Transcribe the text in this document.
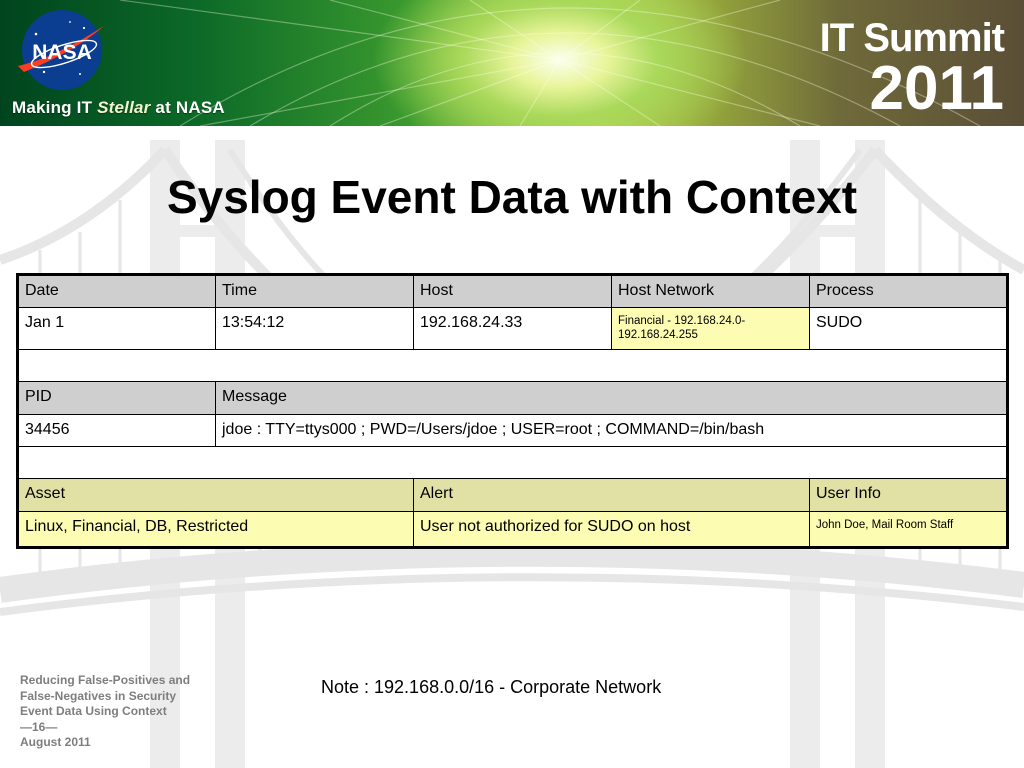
NASA
Making IT Stellar at NASA
IT Summit
2011
Syslog Event Data with Context
Date	Time	Host	Host Network	Process
Jan 1	13:54:12	192.168.24.33	Financial - 192.168.24.0-192.168.24.255	SUDO

PID	Message			
34456	jdoe : TTY=ttys000 ; PWD=/Users/jdoe ; USER=root ; COMMAND=/bin/bash			

Asset		Alert		User Info
Linux, Financial, DB, Restricted		User not authorized for SUDO on host		John Doe, Mail Room Staff
Reducing False-Positives and
False-Negatives in Security
Event Data Using Context
—16—
August 2011
Note : 192.168.0.0/16 - Corporate Network
